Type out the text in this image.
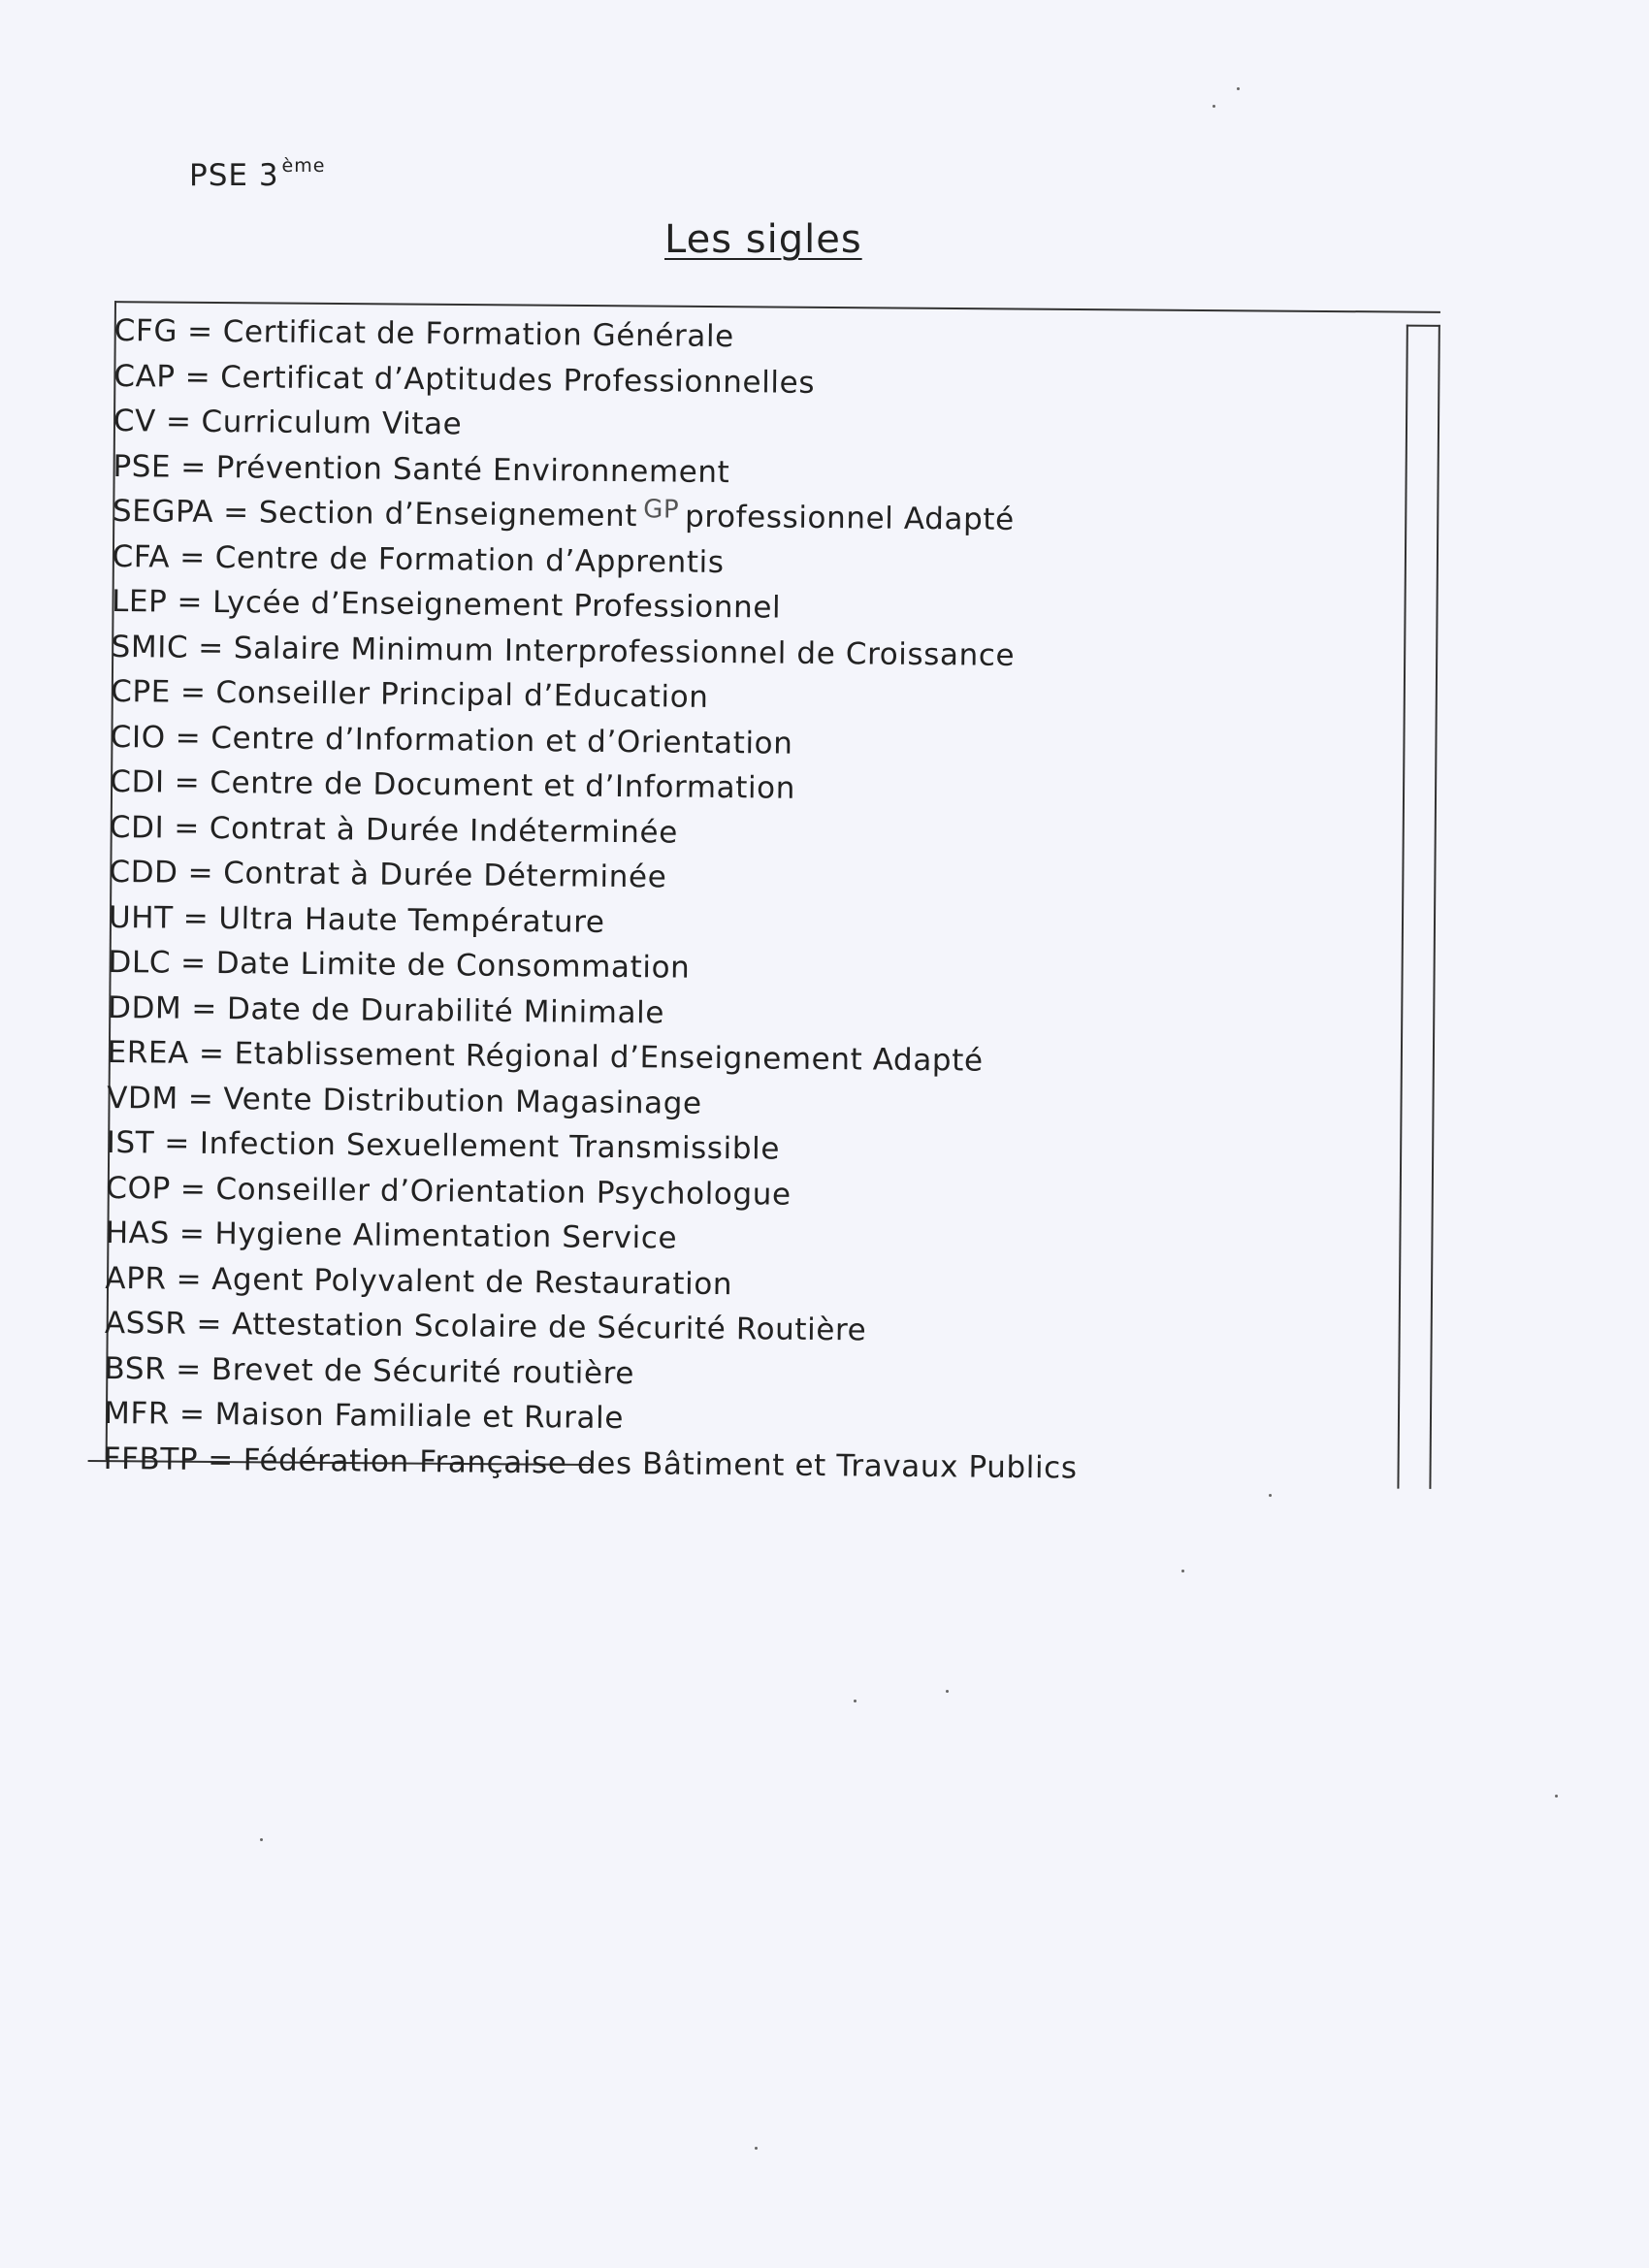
PSE 3 $^{ème}$
Les sigles
CFG = Certificat de Formation Générale
CAP = Certificat d’Aptitudes Professionnelles
CV = Curriculum Vitae
PSE = Prévention Santé Environnement
SEGPA = Section d’Enseignement $^{GP}$ professionnel Adapté
CFA = Centre de Formation d’Apprentis
LEP = Lycée d’Enseignement Professionnel
SMIC = Salaire Minimum Interprofessionnel de Croissance
CPE = Conseiller Principal d’Education
CIO = Centre d’Information et d’Orientation
CDI = Centre de Document et d’Information
CDI = Contrat à Durée Indéterminée
CDD = Contrat à Durée Déterminée
UHT = Ultra Haute Température
DLC = Date Limite de Consommation
DDM = Date de Durabilité Minimale
EREA = Etablissement Régional d’Enseignement Adapté
VDM = Vente Distribution Magasinage
IST = Infection Sexuellement Transmissible
COP = Conseiller d’Orientation Psychologue
HAS = Hygiene Alimentation Service
APR = Agent Polyvalent de Restauration
ASSR = Attestation Scolaire de Sécurité Routière
BSR = Brevet de Sécurité routière
MFR = Maison Familiale et Rurale
FFBTP = Fédération Française des Bâtiment et Travaux Publics
